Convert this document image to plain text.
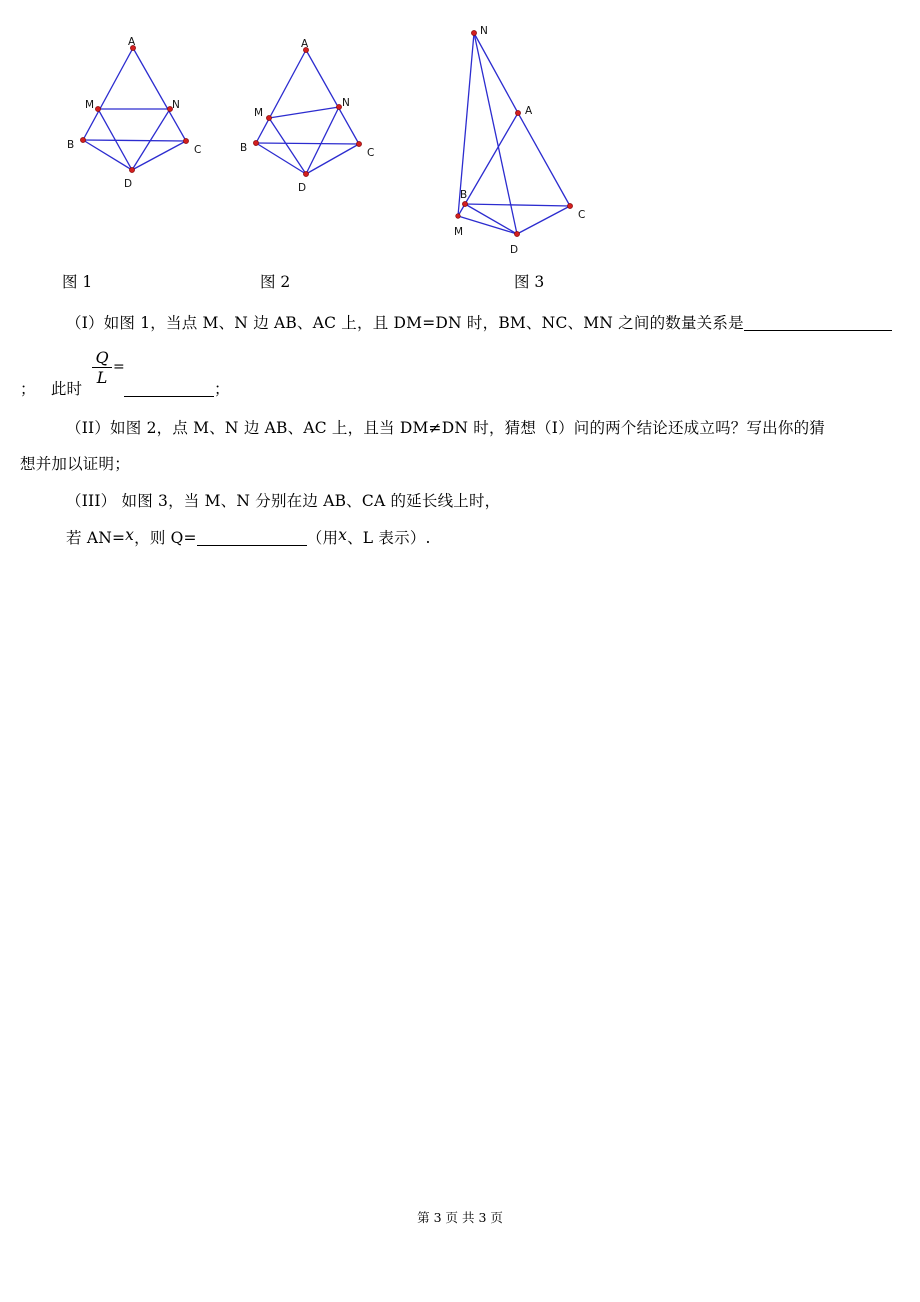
A
M	N
B	C
D
A
M
N
B	C
D
N
A
B
C
M
D
图 1	图 2	图 3
（I）如图 1，当点 M、N 边 AB、AC 上，且 DM=DN 时，BM、NC、MN 之间的数量关系是
$\frac{Q}{L}$ =
； 此时	；
（II）如图 2，点 M、N 边 AB、AC 上，且当 DM≠DN 时，猜想（I）问的两个结论还成立吗？写出你的猜
想并加以证明；
（III） 如图 3，当 M、N 分别在边 AB、CA 的延长线上时，
若 AN=x，则 Q=	（用x、L 表示）.
第 3 页 共 3 页
